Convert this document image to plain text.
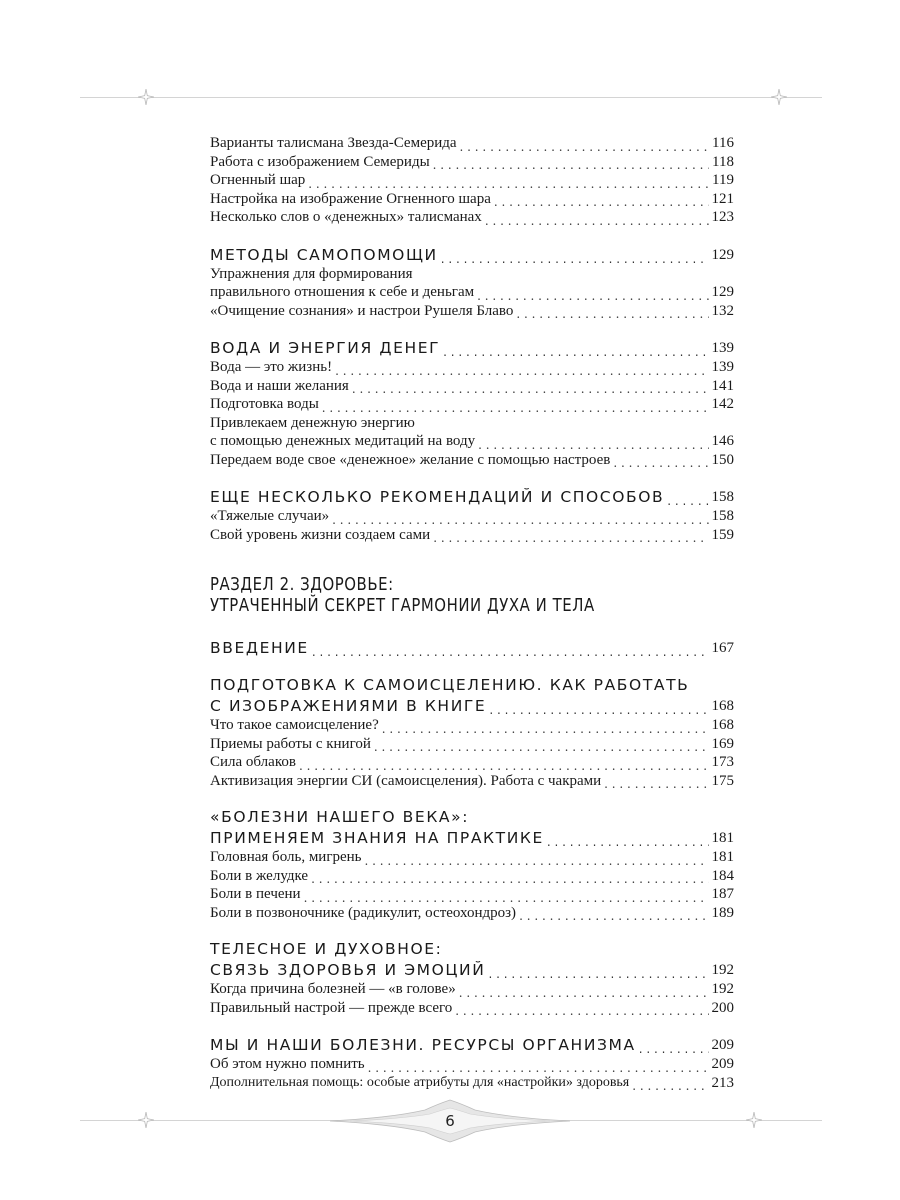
Варианты талисмана Звезда-Семерида . . .	116
Работа с изображением Семериды . . .	118
Огненный шар . . .	119
Настройка на изображение Огненного шара . . .	121
Несколько слов о «денежных» талисманах . . .	123
МЕТОДЫ САМОПОМОЩИ . . .	129
Упражнения для формирования
правильного отношения к себе и деньгам . . .	129
«Очищение сознания» и настрои Рушеля Блаво . . .	132
ВОДА И ЭНЕРГИЯ ДЕНЕГ . . .	139
Вода — это жизнь! . . .	139
Вода и наши желания . . .	141
Подготовка воды . . .	142
Привлекаем денежную энергию
с помощью денежных медитаций на воду . . .	146
Передаем воде свое «денежное» желание с помощью настроев . . .	150
ЕЩЕ НЕСКОЛЬКО РЕКОМЕНДАЦИЙ И СПОСОБОВ . . .	158
«Тяжелые случаи» . . .	158
Свой уровень жизни создаем сами . . .	159
РАЗДЕЛ 2. ЗДОРОВЬЕ:
УТРАЧЕННЫЙ СЕКРЕТ ГАРМОНИИ ДУХА И ТЕЛА
ВВЕДЕНИЕ . . .	167
ПОДГОТОВКА К САМОИСЦЕЛЕНИЮ. КАК РАБОТАТЬ
С ИЗОБРАЖЕНИЯМИ В КНИГЕ . . .	168
Что такое самоисцеление? . . .	168
Приемы работы с книгой . . .	169
Сила облаков . . .	173
Активизация энергии СИ (самоисцеления). Работа с чакрами . . .	175
«БОЛЕЗНИ НАШЕГО ВЕКА»:
ПРИМЕНЯЕМ ЗНАНИЯ НА ПРАКТИКЕ . . .	181
Головная боль, мигрень . . .	181
Боли в желудке . . .	184
Боли в печени . . .	187
Боли в позвоночнике (радикулит, остеохондроз) . . .	189
ТЕЛЕСНОЕ И ДУХОВНОЕ:
СВЯЗЬ ЗДОРОВЬЯ И ЭМОЦИЙ . . .	192
Когда причина болезней — «в голове» . . .	192
Правильный настрой — прежде всего . . .	200
МЫ И НАШИ БОЛЕЗНИ. РЕСУРСЫ ОРГАНИЗМА . . .	209
Об этом нужно помнить . . .	209
Дополнительная помощь: особые атрибуты для «настройки» здоровья . . .	213
6
